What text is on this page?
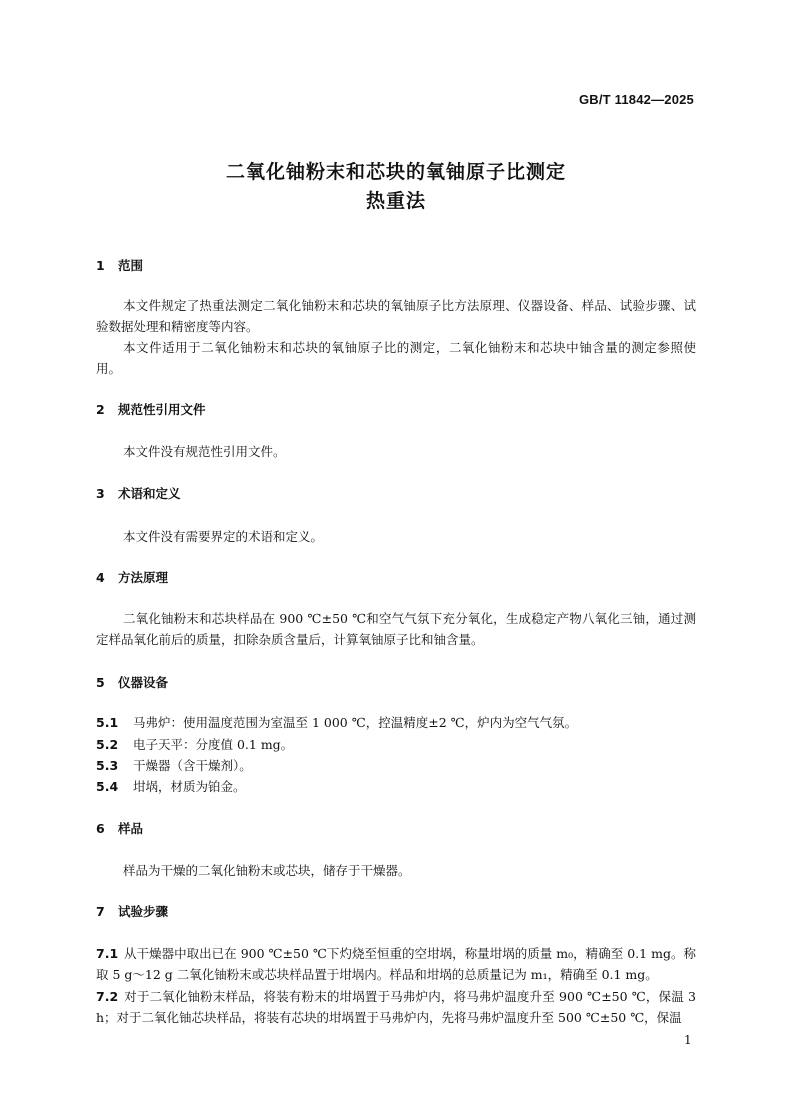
GB/T 11842—2025
二氧化铀粉末和芯块的氧铀原子比测定
热重法
1 范围
本文件规定了热重法测定二氧化铀粉末和芯块的氧铀原子比方法原理、仪器设备、样品、试验步骤、试验数据处理和精密度等内容。
本文件适用于二氧化铀粉末和芯块的氧铀原子比的测定，二氧化铀粉末和芯块中铀含量的测定参照使用。
2 规范性引用文件
本文件没有规范性引用文件。
3 术语和定义
本文件没有需要界定的术语和定义。
4 方法原理
二氧化铀粉末和芯块样品在 900 ℃±50 ℃和空气气氛下充分氧化，生成稳定产物八氧化三铀，通过测定样品氧化前后的质量，扣除杂质含量后，计算氧铀原子比和铀含量。
5 仪器设备
5.1 马弗炉：使用温度范围为室温至 1 000 ℃，控温精度±2 ℃，炉内为空气气氛。
5.2 电子天平：分度值 0.1 mg。
5.3 干燥器（含干燥剂）。
5.4 坩埚，材质为铂金。
6 样品
样品为干燥的二氧化铀粉末或芯块，储存于干燥器。
7 试验步骤
7.1 从干燥器中取出已在 900 ℃±50 ℃下灼烧至恒重的空坩埚，称量坩埚的质量 m₀，精确至 0.1 mg。称取 5 g～12 g 二氧化铀粉末或芯块样品置于坩埚内。样品和坩埚的总质量记为 m₁，精确至 0.1 mg。
7.2 对于二氧化铀粉末样品，将装有粉末的坩埚置于马弗炉内，将马弗炉温度升至 900 ℃±50 ℃，保温 3 h；对于二氧化铀芯块样品，将装有芯块的坩埚置于马弗炉内，先将马弗炉温度升至 500 ℃±50 ℃，保温
1
